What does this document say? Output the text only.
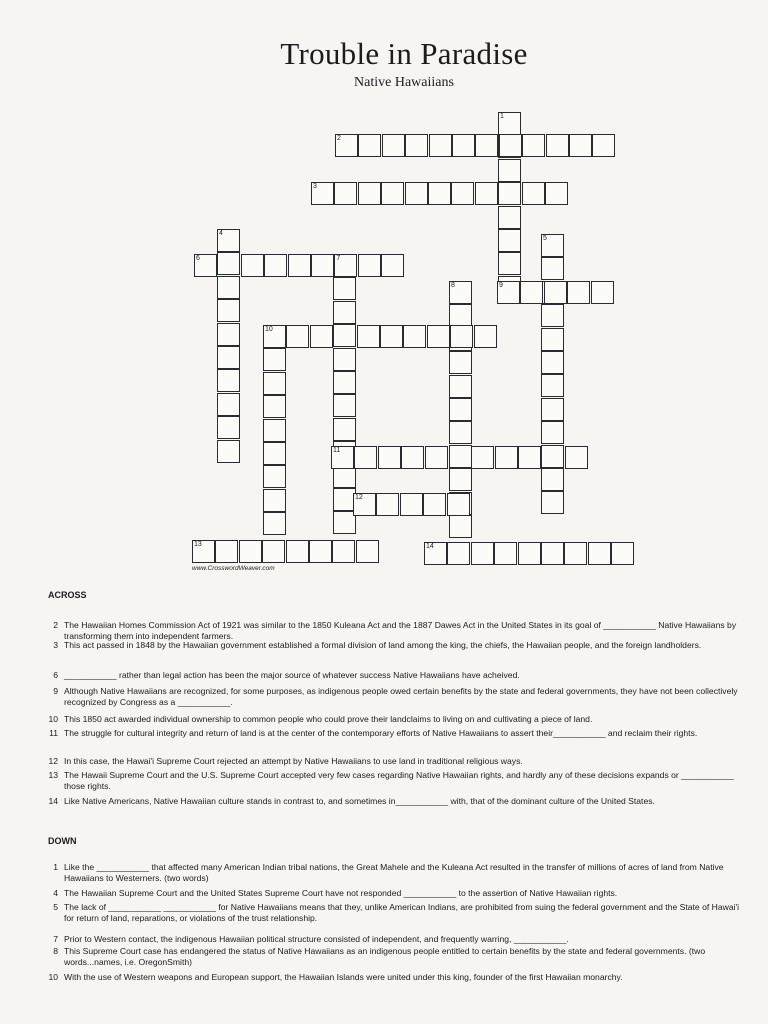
Trouble in Paradise
Native Hawaiians
1
2
3
4
5
6	7
8	9
10
11
12
13	14
www.CrosswordWeaver.com
ACROSS
2 The Hawaiian Homes Commission Act of 1921 was similar to the 1850 Kuleana Act and the 1887 Dawes Act in the United States in its goal of ___________ Native Hawaiians by transforming them into independent farmers.
3 This act passed in 1848 by the Hawaiian government established a formal division of land among the king, the chiefs, the Hawaiian people, and the foreign landholders.
6 ___________ rather than legal action has been the major source of whatever success Native Hawaiians have acheived.
9 Although Native Hawaiians are recognized, for some purposes, as indigenous people owed certain benefits by the state and federal governments, they have not been collectively recognized by Congress as a ___________.
10 This 1850 act awarded individual ownership to common people who could prove their landclaims to living on and cultivating a piece of land.
11 The struggle for cultural integrity and return of land is at the center of the contemporary efforts of Native Hawaiians to assert their___________ and reclaim their rights.
12 In this case, the Hawai'i Supreme Court rejected an attempt by Native Hawaiians to use land in traditional religious ways.
13 The Hawaii Supreme Court and the U.S. Supreme Court accepted very few cases regarding Native Hawaiian rights, and hardly any of these decisions expands or ___________ those rights.
14 Like Native Americans, Native Hawaiian culture stands in contrast to, and sometimes in___________ with, that of the dominant culture of the United States.
DOWN
1 Like the ___________ that affected many American Indian tribal nations, the Great Mahele and the Kuleana Act resulted in the transfer of millions of acres of land from Native Hawaiians to Westerners. (two words)
4 The Hawaiian Supreme Court and the United States Supreme Court have not responded ___________ to the assertion of Native Hawaiian rights.
5 The lack of ___________ ___________ for Native Hawaiians means that they, unlike American Indians, are prohibited from suing the federal government and the State of Hawai'i for return of land, reparations, or violations of the trust relationship.
7 Prior to Western contact, the indigenous Hawaiian political structure consisted of independent, and frequently warring, ___________.
8 This Supreme Court case has endangered the status of Native Hawaiians as an indigenous people entitled to certain benefits by the state and federal governments. (two words...names, i.e. OregonSmith)
10 With the use of Western weapons and European support, the Hawaiian Islands were united under this king, founder of the first Hawaiian monarchy.
